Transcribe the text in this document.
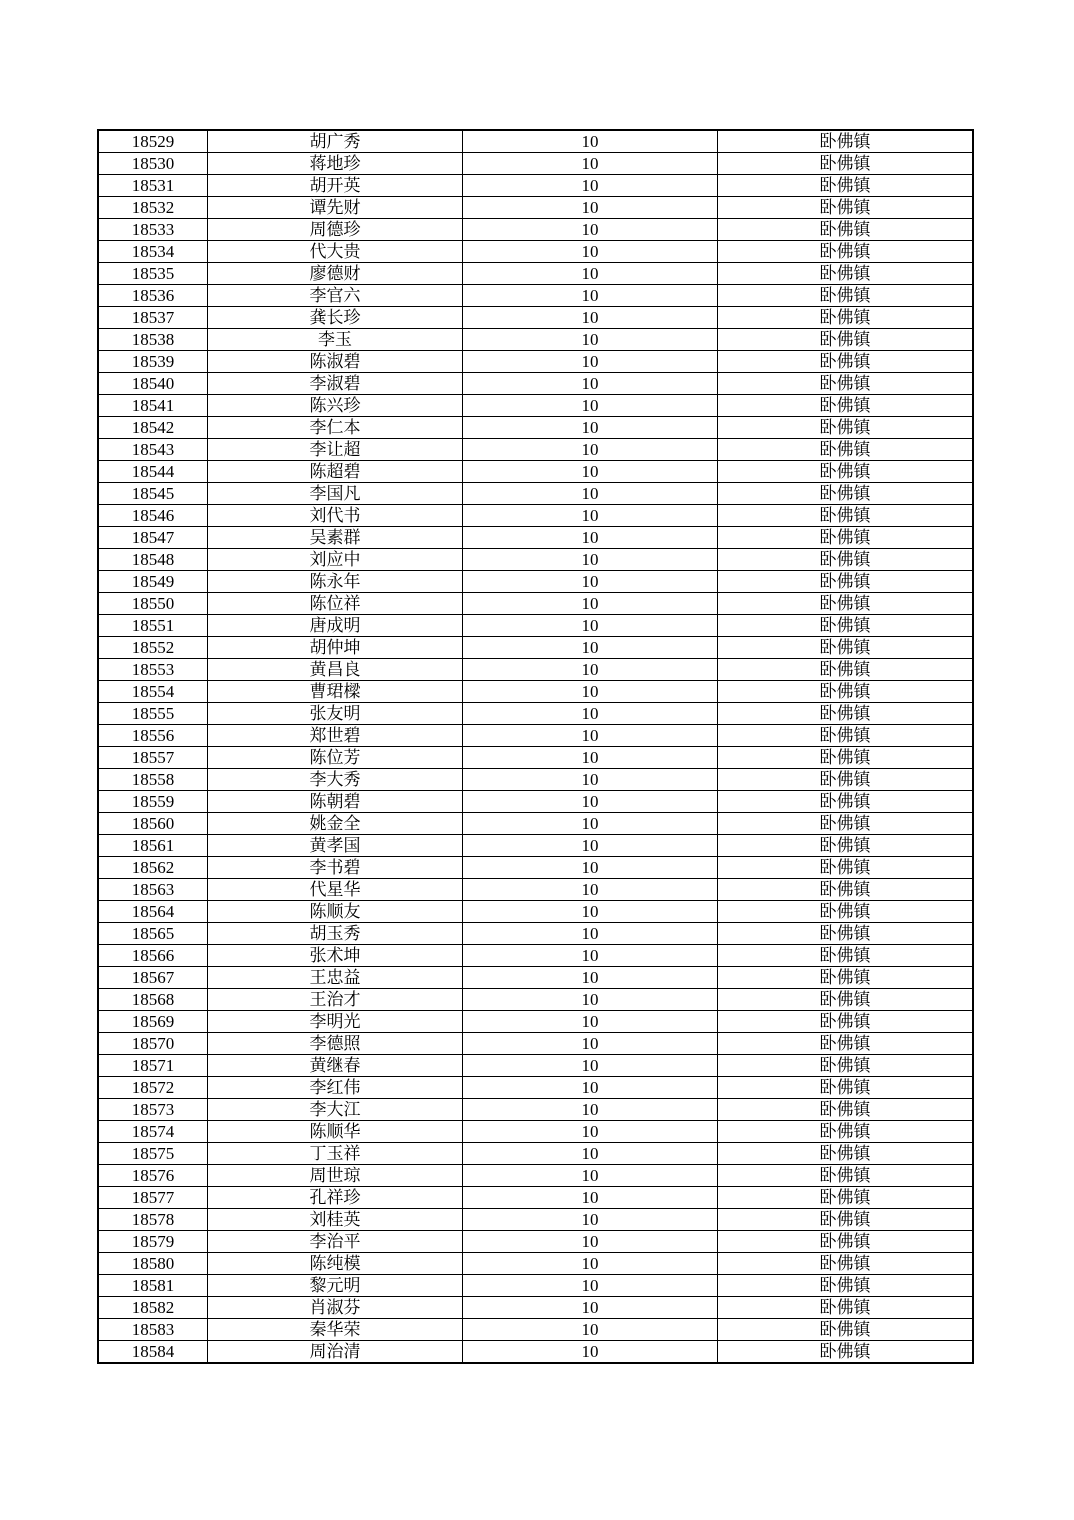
18529	胡广秀	10	卧佛镇
18530	蒋地珍	10	卧佛镇
18531	胡开英	10	卧佛镇
18532	谭先财	10	卧佛镇
18533	周德珍	10	卧佛镇
18534	代大贵	10	卧佛镇
18535	廖德财	10	卧佛镇
18536	李官六	10	卧佛镇
18537	龚长珍	10	卧佛镇
18538	李玉	10	卧佛镇
18539	陈淑碧	10	卧佛镇
18540	李淑碧	10	卧佛镇
18541	陈兴珍	10	卧佛镇
18542	李仁本	10	卧佛镇
18543	李让超	10	卧佛镇
18544	陈超碧	10	卧佛镇
18545	李国凡	10	卧佛镇
18546	刘代书	10	卧佛镇
18547	吴素群	10	卧佛镇
18548	刘应中	10	卧佛镇
18549	陈永年	10	卧佛镇
18550	陈位祥	10	卧佛镇
18551	唐成明	10	卧佛镇
18552	胡仲坤	10	卧佛镇
18553	黄昌良	10	卧佛镇
18554	曹珺樑	10	卧佛镇
18555	张友明	10	卧佛镇
18556	郑世碧	10	卧佛镇
18557	陈位芳	10	卧佛镇
18558	李大秀	10	卧佛镇
18559	陈朝碧	10	卧佛镇
18560	姚金全	10	卧佛镇
18561	黄孝国	10	卧佛镇
18562	李书碧	10	卧佛镇
18563	代星华	10	卧佛镇
18564	陈顺友	10	卧佛镇
18565	胡玉秀	10	卧佛镇
18566	张术坤	10	卧佛镇
18567	王忠益	10	卧佛镇
18568	王治才	10	卧佛镇
18569	李明光	10	卧佛镇
18570	李德照	10	卧佛镇
18571	黄继春	10	卧佛镇
18572	李红伟	10	卧佛镇
18573	李大江	10	卧佛镇
18574	陈顺华	10	卧佛镇
18575	丁玉祥	10	卧佛镇
18576	周世琼	10	卧佛镇
18577	孔祥珍	10	卧佛镇
18578	刘桂英	10	卧佛镇
18579	李治平	10	卧佛镇
18580	陈纯模	10	卧佛镇
18581	黎元明	10	卧佛镇
18582	肖淑芬	10	卧佛镇
18583	秦华荣	10	卧佛镇
18584	周治清	10	卧佛镇
